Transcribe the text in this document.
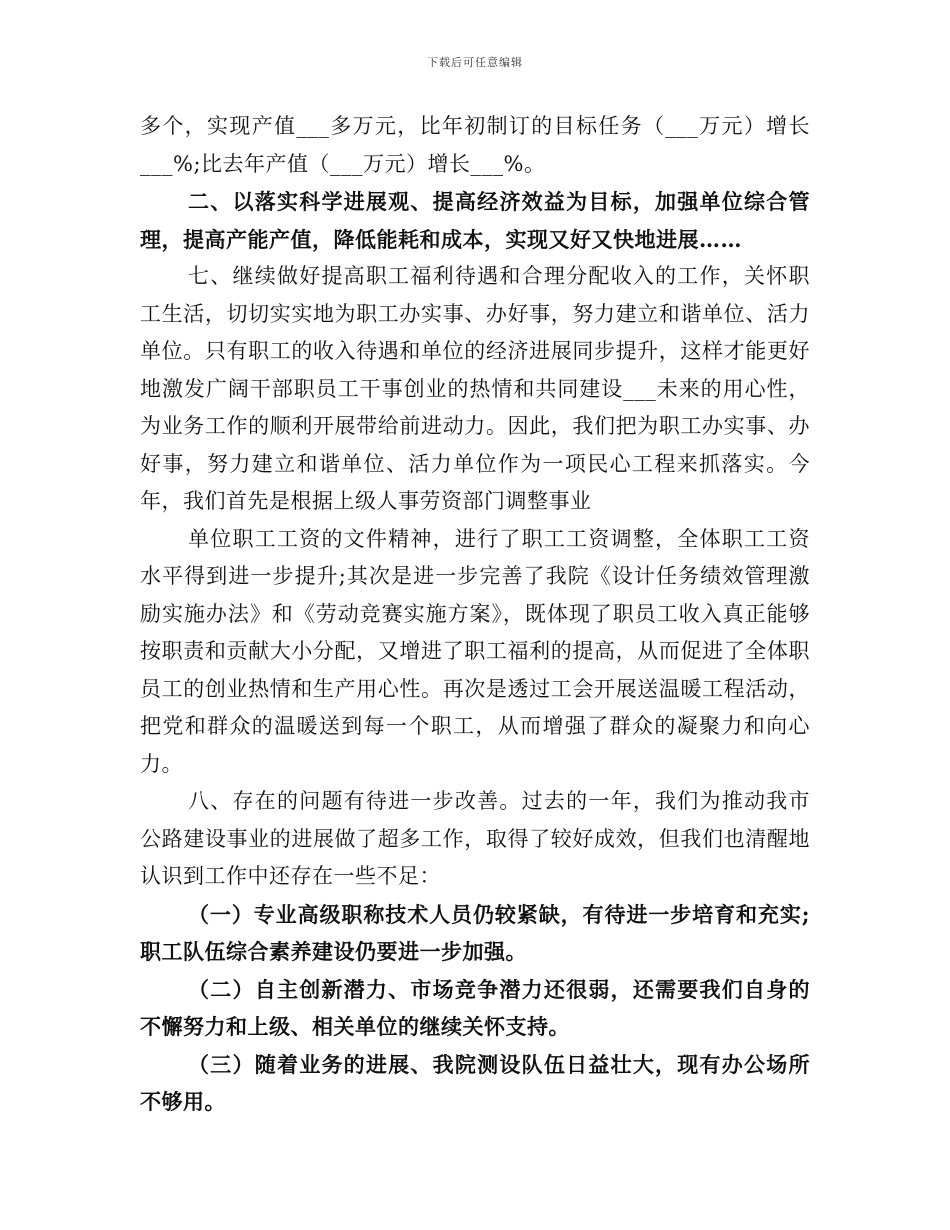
下载后可任意编辑

多个，实现产值___多万元，比年初制订的目标任务（___万元）增长___%;比去年产值（___万元）增长___%。

二、以落实科学进展观、提高经济效益为目标，加强单位综合管理，提高产能产值，降低能耗和成本，实现又好又快地进展……

七、继续做好提高职工福利待遇和合理分配收入的工作，关怀职工生活，切切实实地为职工办实事、办好事，努力建立和谐单位、活力单位。只有职工的收入待遇和单位的经济进展同步提升，这样才能更好地激发广阔干部职员工干事创业的热情和共同建设___未来的用心性，为业务工作的顺利开展带给前进动力。因此，我们把为职工办实事、办好事，努力建立和谐单位、活力单位作为一项民心工程来抓落实。今年，我们首先是根据上级人事劳资部门调整事业

单位职工工资的文件精神，进行了职工工资调整，全体职工工资水平得到进一步提升;其次是进一步完善了我院《设计任务绩效管理激励实施办法》和《劳动竞赛实施方案》，既体现了职员工收入真正能够按职责和贡献大小分配，又增进了职工福利的提高，从而促进了全体职员工的创业热情和生产用心性。再次是透过工会开展送温暖工程活动，把党和群众的温暖送到每一个职工，从而增强了群众的凝聚力和向心力。

八、存在的问题有待进一步改善。过去的一年，我们为推动我市公路建设事业的进展做了超多工作，取得了较好成效，但我们也清醒地认识到工作中还存在一些不足：

（一）专业高级职称技术人员仍较紧缺，有待进一步培育和充实;职工队伍综合素养建设仍要进一步加强。

（二）自主创新潜力、市场竞争潜力还很弱，还需要我们自身的不懈努力和上级、相关单位的继续关怀支持。

（三）随着业务的进展、我院测设队伍日益壮大，现有办公场所不够用。
